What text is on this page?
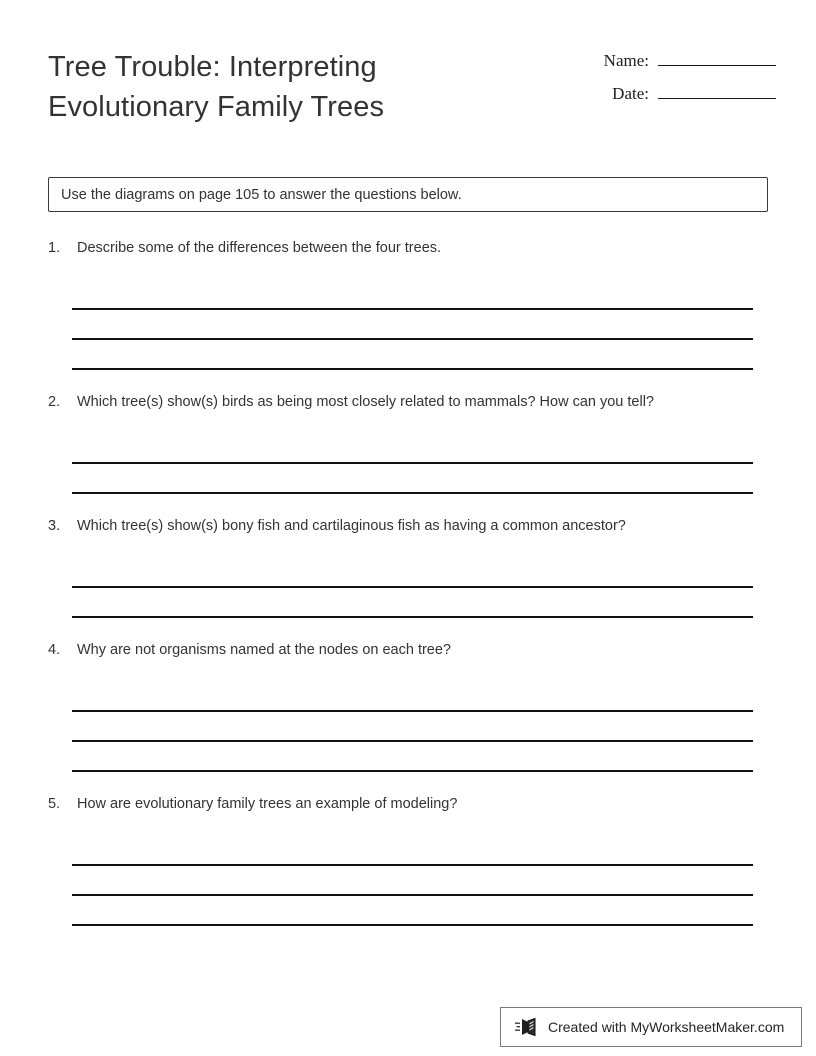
Tree Trouble: Interpreting Evolutionary Family Trees
Name:
Date:
Use the diagrams on page 105 to answer the questions below.
1. Describe some of the differences between the four trees.
2. Which tree(s) show(s) birds as being most closely related to mammals? How can you tell?
3. Which tree(s) show(s) bony fish and cartilaginous fish as having a common ancestor?
4. Why are not organisms named at the nodes on each tree?
5. How are evolutionary family trees an example of modeling?
Created with MyWorksheetMaker.com
